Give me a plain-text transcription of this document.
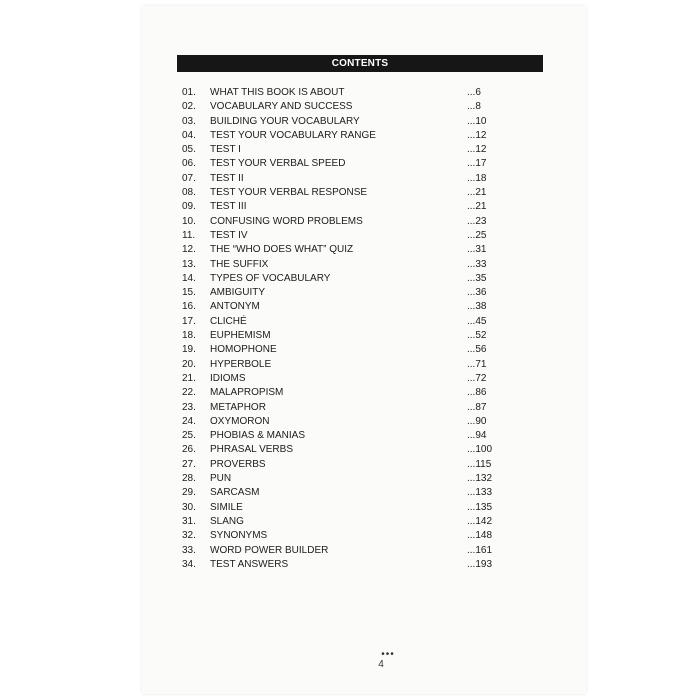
CONTENTS
01.	WHAT THIS BOOK IS ABOUT	...6
02.	VOCABULARY AND SUCCESS	...8
03.	BUILDING YOUR VOCABULARY	...10
04.	TEST YOUR VOCABULARY RANGE	...12
05.	TEST I	...12
06.	TEST YOUR VERBAL SPEED	...17
07.	TEST II	...18
08.	TEST YOUR VERBAL RESPONSE	...21
09.	TEST III	...21
10.	CONFUSING WORD PROBLEMS	...23
11.	TEST IV	...25
12.	THE “WHO DOES WHAT” QUIZ	...31
13.	THE SUFFIX	...33
14.	TYPES OF VOCABULARY	...35
15.	AMBIGUITY	...36
16.	ANTONYM	...38
17.	CLICHÉ	...45
18.	EUPHEMISM	...52
19.	HOMOPHONE	...56
20.	HYPERBOLE	...71
21.	IDIOMS	...72
22.	MALAPROPISM	...86
23.	METAPHOR	...87
24.	OXYMORON	...90
25.	PHOBIAS & MANIAS	...94
26.	PHRASAL VERBS	...100
27.	PROVERBS	...115
28.	PUN	...132
29.	SARCASM	...133
30.	SIMILE	...135
31.	SLANG	...142
32.	SYNONYMS	...148
33.	WORD POWER BUILDER	...161
34.	TEST ANSWERS	...193
•••
4
